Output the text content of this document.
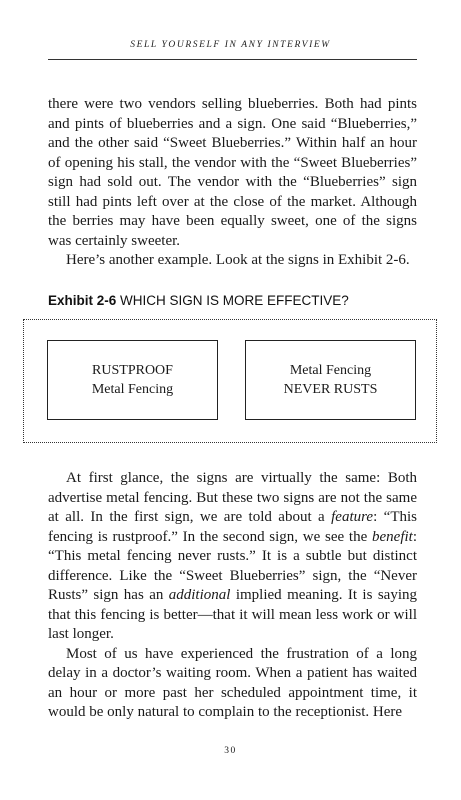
SELL YOURSELF IN ANY INTERVIEW

there were two vendors selling blueberries. Both had pints and pints of blueberries and a sign. One said “Blueberries,” and the other said “Sweet Blueberries.” Within half an hour of opening his stall, the vendor with the “Sweet Blueberries” sign had sold out. The vendor with the “Blueberries” sign still had pints left over at the close of the market. Although the berries may have been equally sweet, one of the signs was certainly sweeter.

Here’s another example. Look at the signs in Exhibit 2-6.

Exhibit 2-6 WHICH SIGN IS MORE EFFECTIVE?
RUSTPROOF
Metal Fencing
Metal Fencing
NEVER RUSTS

At first glance, the signs are virtually the same: Both advertise metal fencing. But these two signs are not the same at all. In the first sign, we are told about a feature: “This fencing is rustproof.” In the second sign, we see the benefit: “This metal fencing never rusts.” It is a subtle but distinct difference. Like the “Sweet Blueberries” sign, the “Never Rusts” sign has an additional implied meaning. It is saying that this fencing is better—that it will mean less work or will last longer.

Most of us have experienced the frustration of a long delay in a doctor’s waiting room. When a patient has waited an hour or more past her scheduled appointment time, it would be only natural to complain to the receptionist. Here

30
